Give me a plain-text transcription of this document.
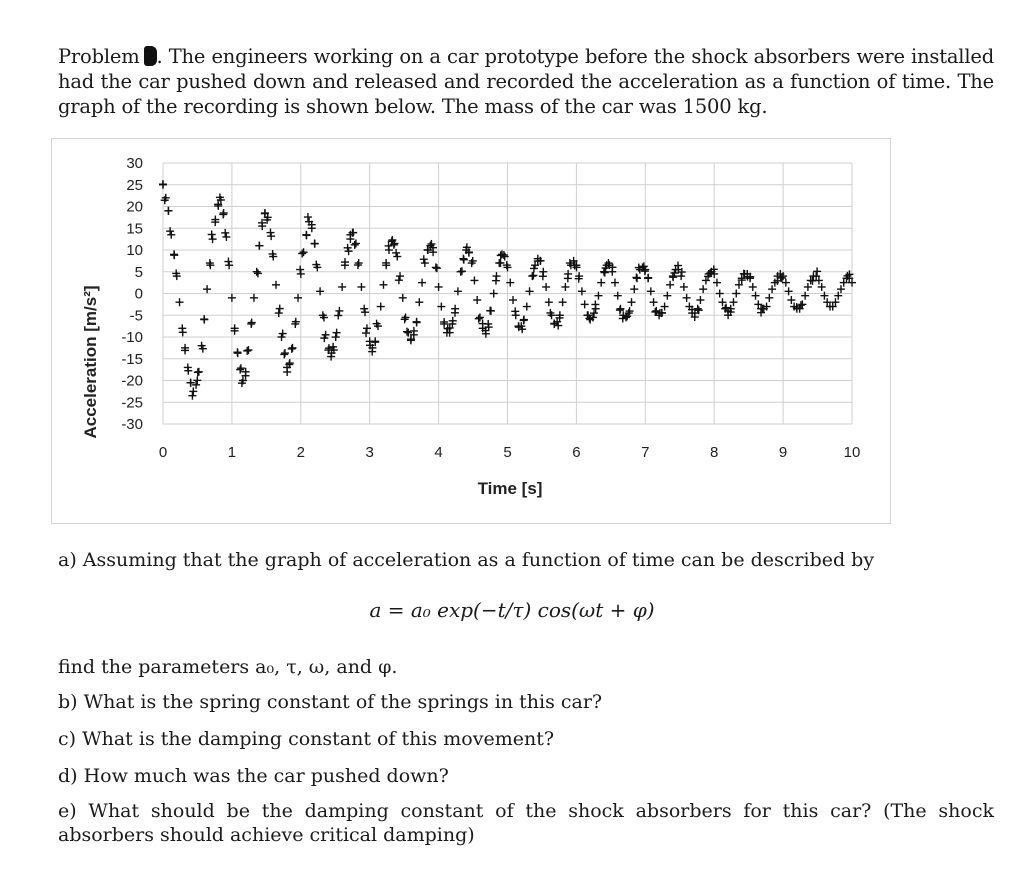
Problem 3. The engineers working on a car prototype before the shock absorbers were installed had the car pushed down and released and recorded the acceleration as a function of time. The graph of the recording is shown below. The mass of the car was 1500 kg.
30
25
20
15
10
5
0
-5
-10
-15
-20
-25
-30
0	1	2	3	4	5	6	7	8	9	10
Acceleration [m/s²]
Time [s]
a) Assuming that the graph of acceleration as a function of time can be described by
a = a₀ exp(−t/τ) cos(ωt + φ)
find the parameters a₀, τ, ω, and φ.
b) What is the spring constant of the springs in this car?
c) What is the damping constant of this movement?
d) How much was the car pushed down?
e) What should be the damping constant of the shock absorbers for this car? (The shock absorbers should achieve critical damping)
